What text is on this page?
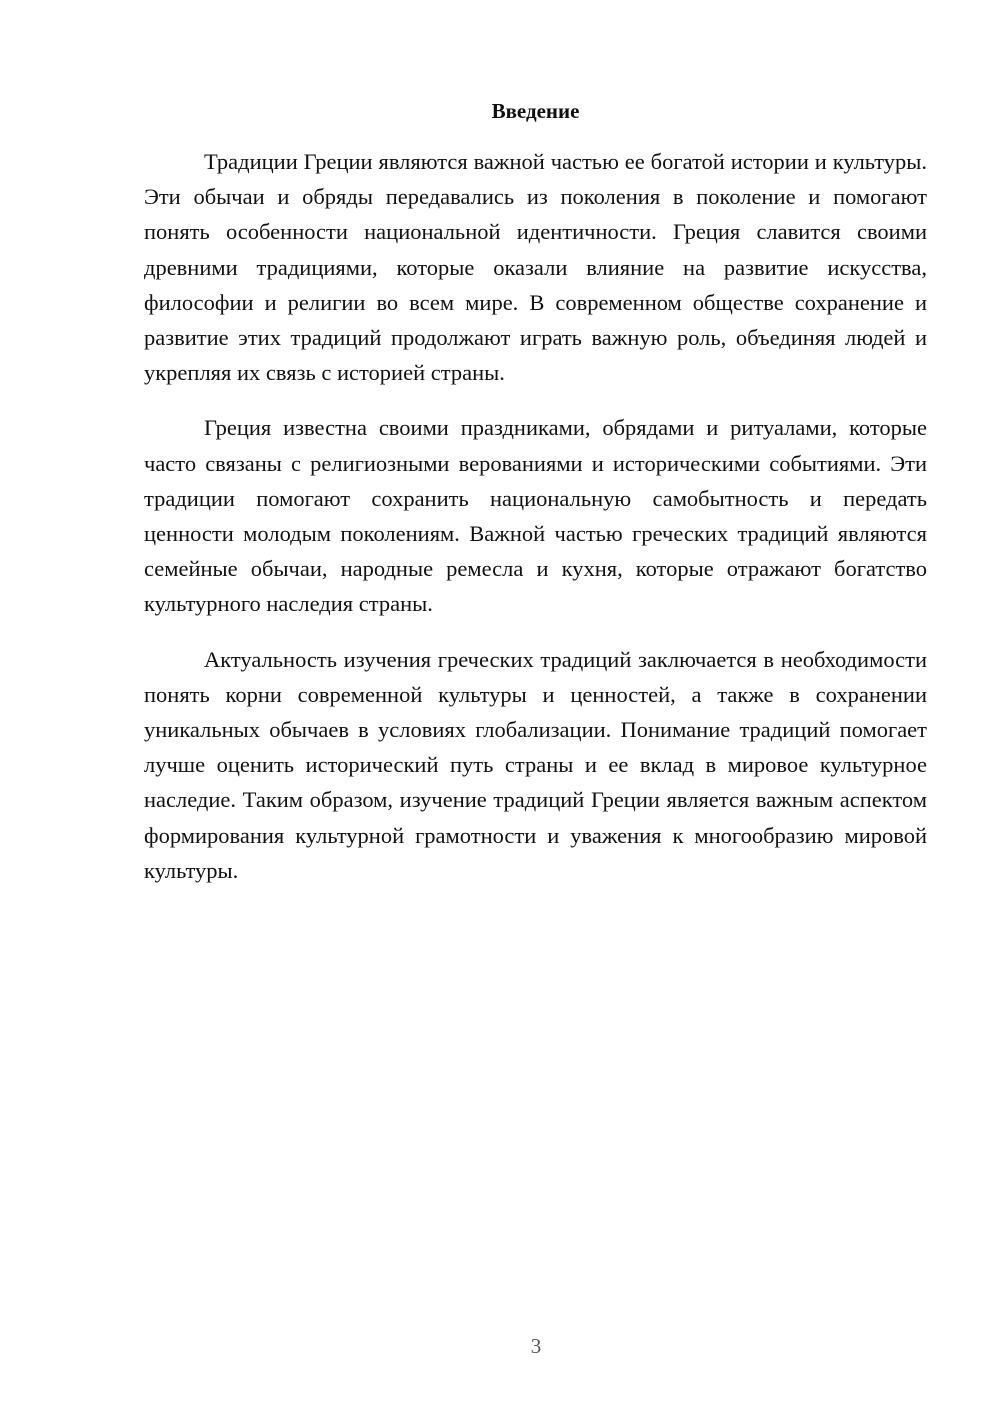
Введение

Традиции Греции являются важной частью ее богатой истории и культуры. Эти обычаи и обряды передавались из поколения в поколение и помогают понять особенности национальной идентичности. Греция славится своими древними традициями, которые оказали влияние на развитие искусства, философии и религии во всем мире. В современном обществе сохранение и развитие этих традиций продолжают играть важную роль, объединяя людей и укрепляя их связь с историей страны.

Греция известна своими праздниками, обрядами и ритуалами, которые часто связаны с религиозными верованиями и историческими событиями. Эти традиции помогают сохранить национальную самобытность и передать ценности молодым поколениям. Важной частью греческих традиций являются семейные обычаи, народные ремесла и кухня, которые отражают богатство культурного наследия страны.

Актуальность изучения греческих традиций заключается в необходимости понять корни современной культуры и ценностей, а также в сохранении уникальных обычаев в условиях глобализации. Понимание традиций помогает лучше оценить исторический путь страны и ее вклад в мировое культурное наследие. Таким образом, изучение традиций Греции является важным аспектом формирования культурной грамотности и уважения к многообразию мировой культуры.

3
